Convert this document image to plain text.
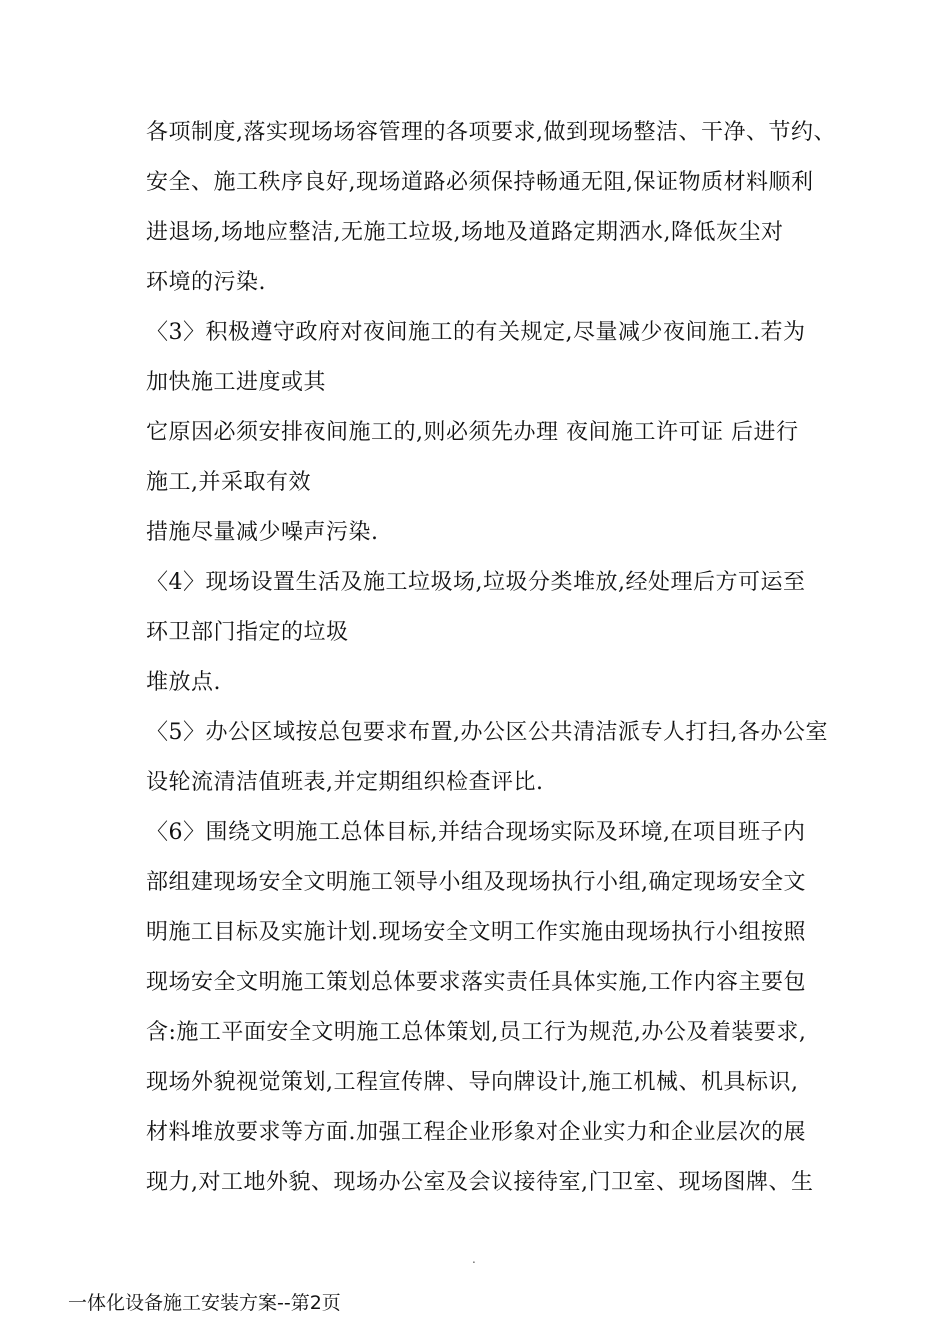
各项制度,落实现场场容管理的各项要求,做到现场整洁、干净、节约、
安全、施工秩序良好,现场道路必须保持畅通无阻,保证物质材料顺利
进退场,场地应整洁,无施工垃圾,场地及道路定期洒水,降低灰尘对
环境的污染.
〈3〉积极遵守政府对夜间施工的有关规定,尽量减少夜间施工.若为
加快施工进度或其
它原因必须安排夜间施工的,则必须先办理 夜间施工许可证 后进行
施工,并采取有效
措施尽量减少噪声污染.
〈4〉现场设置生活及施工垃圾场,垃圾分类堆放,经处理后方可运至
环卫部门指定的垃圾
堆放点.
〈5〉办公区域按总包要求布置,办公区公共清洁派专人打扫,各办公室
设轮流清洁值班表,并定期组织检查评比.
〈6〉围绕文明施工总体目标,并结合现场实际及环境,在项目班子内
部组建现场安全文明施工领导小组及现场执行小组,确定现场安全文
明施工目标及实施计划.现场安全文明工作实施由现场执行小组按照
现场安全文明施工策划总体要求落实责任具体实施,工作内容主要包
含:施工平面安全文明施工总体策划,员工行为规范,办公及着装要求,
现场外貌视觉策划,工程宣传牌、导向牌设计,施工机械、机具标识,
材料堆放要求等方面.加强工程企业形象对企业实力和企业层次的展
现力,对工地外貌、现场办公室及会议接待室,门卫室、现场图牌、生
.
一体化设备施工安装方案--第2页
